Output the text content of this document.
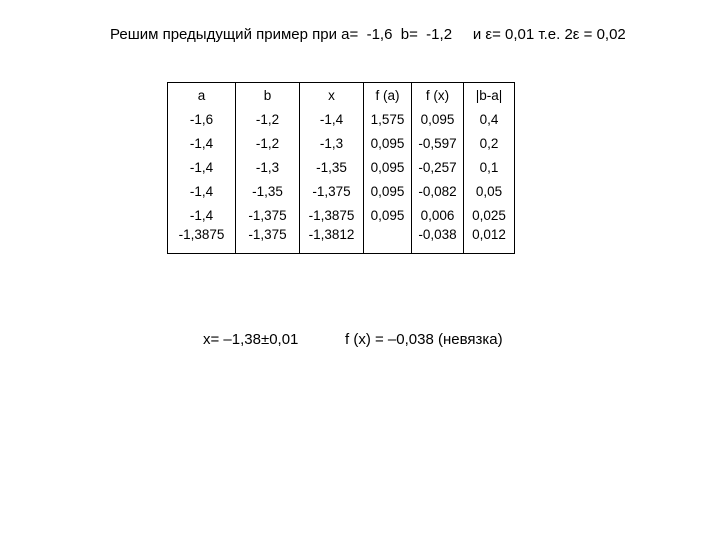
Решим предыдущий пример при a=  -1,6  b=  -1,2     и ε= 0,01 т.е. 2ε = 0,02
a	b	x	f (a)	f (x)	|b-a|
-1,6	-1,2	-1,4	1,575	0,095	0,4
-1,4	-1,2	-1,3	0,095	-0,597	0,2
-1,4	-1,3	-1,35	0,095	-0,257	0,1
-1,4	-1,35	-1,375	0,095	-0,082	0,05
-1,4	-1,375	-1,3875	0,095	0,006	0,025
-1,3875	-1,375	-1,3812		-0,038	0,012
x= –1,38±0,01	f (x) = –0,038 (невязка)
